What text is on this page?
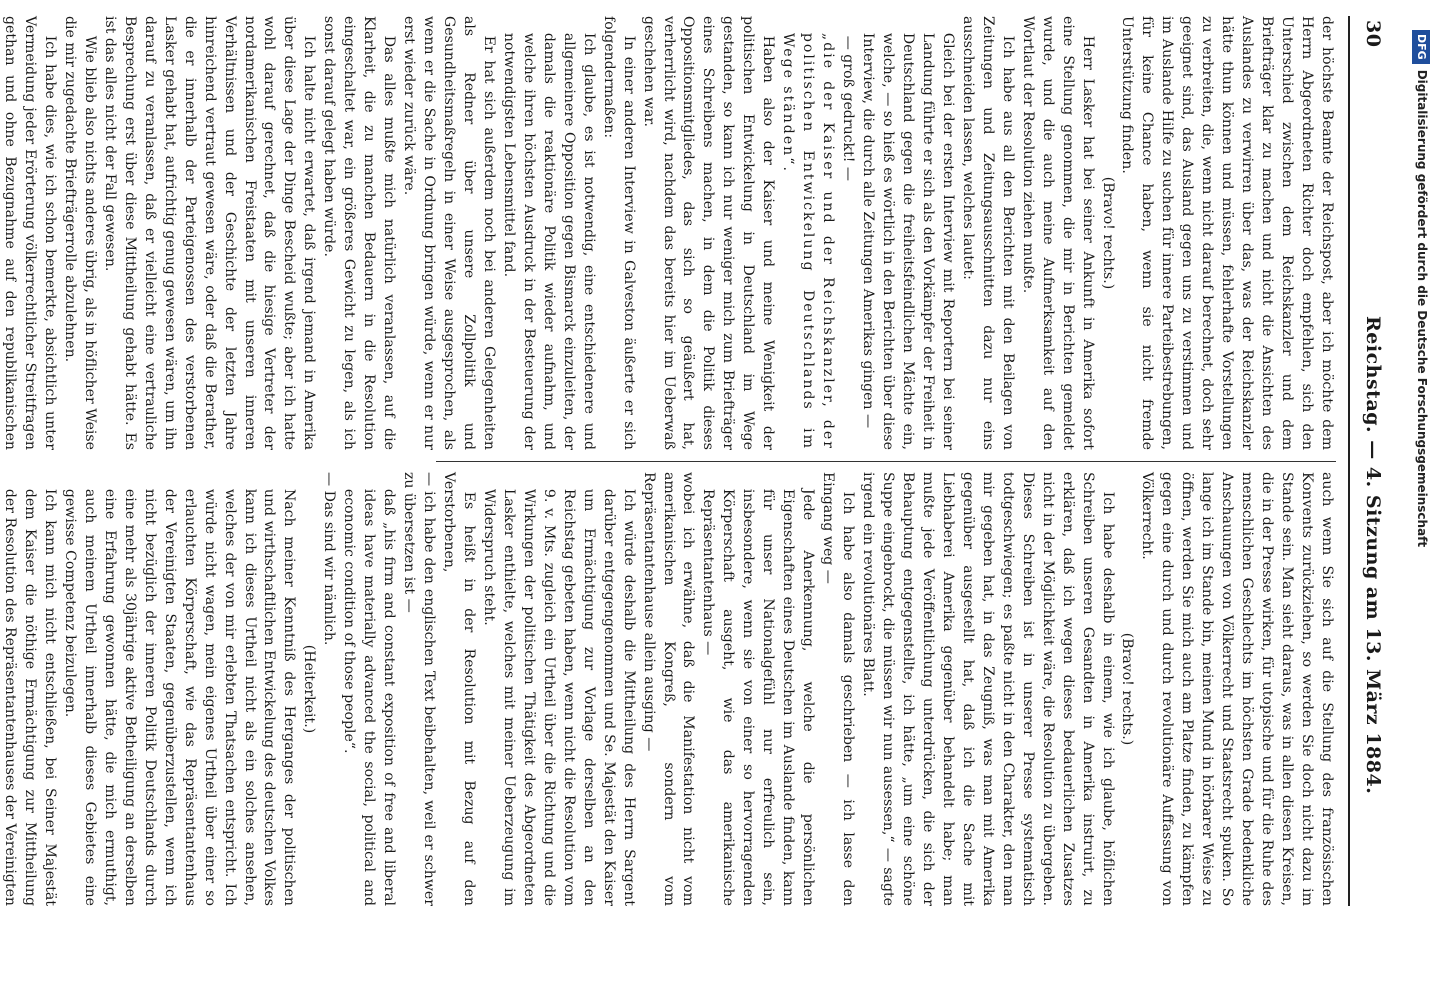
30
Reichstag. — 4. Sitzung am 13. März 1884.

der höchste Beamte der Reichspost, aber ich möchte dem Herrn Abgeordneten Richter doch empfehlen, sich den Unterschied zwischen dem Reichskanzler und dem Briefträger klar zu machen und nicht die Ansichten des Auslandes zu verwirren über das, was der Reichskanzler hätte thun können und müssen, fehlerhafte Vorstellungen zu verbreiten, die, wenn nicht darauf berechnet, doch sehr geeignet sind, das Ausland gegen uns zu verstimmen und im Auslande Hilfe zu suchen für innere Parteibestrebungen, für keine Chance haben, wenn sie nicht fremde Unterstützung finden.

(Bravo! rechts.)

Herr Lasker hat bei seiner Ankunft in Amerika sofort eine Stellung genommen, die mir in Berichten gemeldet wurde, und die auch meine Aufmerksamkeit auf den Wortlaut der Resolution ziehen mußte.

Ich habe aus all den Berichten mit den Beilagen von Zeitungen und Zeitungsausschnitten dazu nur eins ausschneiden lassen, welches lautet:

Gleich bei der ersten Interview mit Reportern bei seiner Landung führte er sich als den Vorkämpfer der Freiheit in Deutschland gegen die freiheitsfeindlichen Mächte ein, welche, — so hieß es wörtlich in den Berichten über diese Interview, die durch alle Zeitungen Amerikas gingen —

— groß gedruckt! —

„die der Kaiser und der Reichskanzler, der politischen Entwickelung Deutschlands im Wege ständen“.

Haben also der Kaiser und meine Wenigkeit der politischen Entwickelung in Deutschland im Wege gestanden, so kann ich nur weniger mich zum Briefträger eines Schreibens machen, in dem die Politik dieses Oppositionsmitgliedes, das sich so geäußert hat, verherrlicht wird, nachdem das bereits hier im Ueberwaß geschehen war.

In einer anderen Interview in Galveston äußerte er sich folgendermaßen:

Ich glaube, es ist notwendig, eine entschiedenere und allgemeinere Opposition gegen Bismarck einzuleiten, der damals die reaktionäre Politik wieder aufnahm, und welche ihren höchsten Ausdruck in der Besteuerung der notwendigsten Lebensmittel fand.

Er hat sich außerdem noch bei anderen Gelegenheiten als Redner über unsere Zollpolitik und Gesundheitsmaßregeln in einer Weise ausgesprochen, als wenn er die Sache in Ordnung bringen würde, wenn er nur erst wieder zurück wäre.

Das alles mußte mich natürlich veranlassen, auf die Klarheit, die zu manchen Bedauern in die Resolution eingeschaltet war, ein größeres Gewicht zu legen, als ich sonst darauf gelegt haben würde.

Ich halte nicht erwartet, daß irgend jemand in Amerika über diese Lage der Dinge Bescheid wußte; aber ich hatte wohl darauf gerechnet, daß die hiesige Vertreter der nordamerikanischen Freistaaten mit unseren inneren Verhältnissen und der Geschichte der letzten Jahre hinreichend vertraut gewesen wäre, oder daß die Berather, die er innerhalb der Parteigenossen des verstorbenen Lasker gehabt hat, aufrichtig genug gewesen wären, um ihn darauf zu veranlassen, daß er vielleicht eine vertrauliche Besprechung erst über diese Mittheilung gehabt hätte. Es ist das alles nicht der Fall gewesen.

Wie blieb also nichts anderes übrig, als in höflicher Weise die mir zugedachte Briefträgerrolle abzulehnen.

Ich habe dies, wie ich schon bemerkte, absichtlich unter Vermeidung jeder Erörterung völkerrechtlicher Streitfragen gethan und ohne Bezugnahme auf den republikanischen

auch wenn Sie sich auf die Stellung des französischen Konvents zurückziehen, so werden Sie doch nicht dazu im Stande sein. Man sieht daraus, was in allen diesen Kreisen, die in der Presse wirken, für utopische und für die Ruhe des menschlichen Geschlechts im höchsten Grade bedenkliche Anschauungen von Völkerrecht und Staatsrecht spuken. So lange ich im Stande bin, meinen Mund in hörbarer Weise zu öffnen, werden Sie mich auch am Platze finden, zu kämpfen gegen eine durch und durch revolutionäre Auffassung von Völkerrecht.

(Bravo! rechts.)

Ich habe deshalb in einem, wie ich glaube, höflichen Schreiben unseren Gesandten in Amerika instruirt, zu erklären, daß ich wegen dieses bedauerlichen Zusatzes nicht in der Möglichkeit wäre, die Resolution zu übergeben. Dieses Schreiben ist in unserer Presse systematisch todtgeschwiegen; es paßte nicht in den Charakter, den man mir gegeben hat, in das Zeugniß, was man mit Amerika gegenüber ausgestellt hat, daß ich die Sache mit Liebhaberei Amerika gegenüber behandelt habe; man mußte jede Veröffentlichung unterdrücken, die sich der Behauptung entgegenstellte, ich hätte, „um eine schöne Suppe eingebrockt, die müssen wir nun ausessen,“ — sagte irgend ein revolutionäres Blatt.

Ich habe also damals geschrieben — ich lasse den Eingang weg —

Jede Anerkennung, welche die persönlichen Eigenschaften eines Deutschen im Auslande finden, kann für unser Nationalgefühl nur erfreulich sein, insbesondere, wenn sie von einer so hervorragenden Körperschaft ausgeht, wie das amerikanische Repräsentantenhaus —

wobei ich erwähne, daß die Manifestation nicht vom amerikanischen Kongreß, sondern vom Repräsentantenhause allein ausging —

Ich würde deshalb die Mittheilung des Herrn Sargent darüber entgegengenommen und Se. Majestät den Kaiser um Ermächtigung zur Vorlage derselben an den Reichstag gebeten haben, wenn nicht die Resolution vom 9. v. Mts. zugleich ein Urtheil über die Richtung und die Wirkungen der politischen Thätigkeit des Abgeordneten Lasker enthielte, welches mit meiner Ueberzeugung im Widerspruch steht.

Es heißt in der Resolution mit Bezug auf den Verstorbenen,

— ich habe den englischen Text beibehalten, weil er schwer zu übersetzen ist —

daß „his firm and constant exposition of free and liberal ideas have materially advanced the social, political and economic condition of those people“.

— Das sind wir nämlich.

(Heiterkeit.)

Nach meiner Kenntniß des Herganges der politischen und wirthschaftlichen Entwickelung des deutschen Volkes kann ich dieses Urtheil nicht als ein solches ansehen, welches der von mir erlebten Thatsachen entspricht. Ich würde nicht wagen, mein eigenes Urtheil über einer so erlauchten Körperschaft, wie das Repräsentantenhaus der Vereinigten Staaten, gegenüberzustellen, wenn ich nicht bezüglich der inneren Politik Deutschlands durch eine mehr als 30jährige aktive Betheiligung an derselben eine Erfahrung gewonnen hätte, die mich ermuthigt, auch meinem Urtheil innerhalb dieses Gebietes eine gewisse Competenz beizulegen.

Ich kann mich nicht entschließen, bei Seiner Majestät dem Kaiser die nöthige Ermächtigung zur Mittheilung der Resolution des Repräsentantenhauses der Vereinigten

DFGDigitalisierung gefördert durch die Deutsche Forschungsgemeinschaft
